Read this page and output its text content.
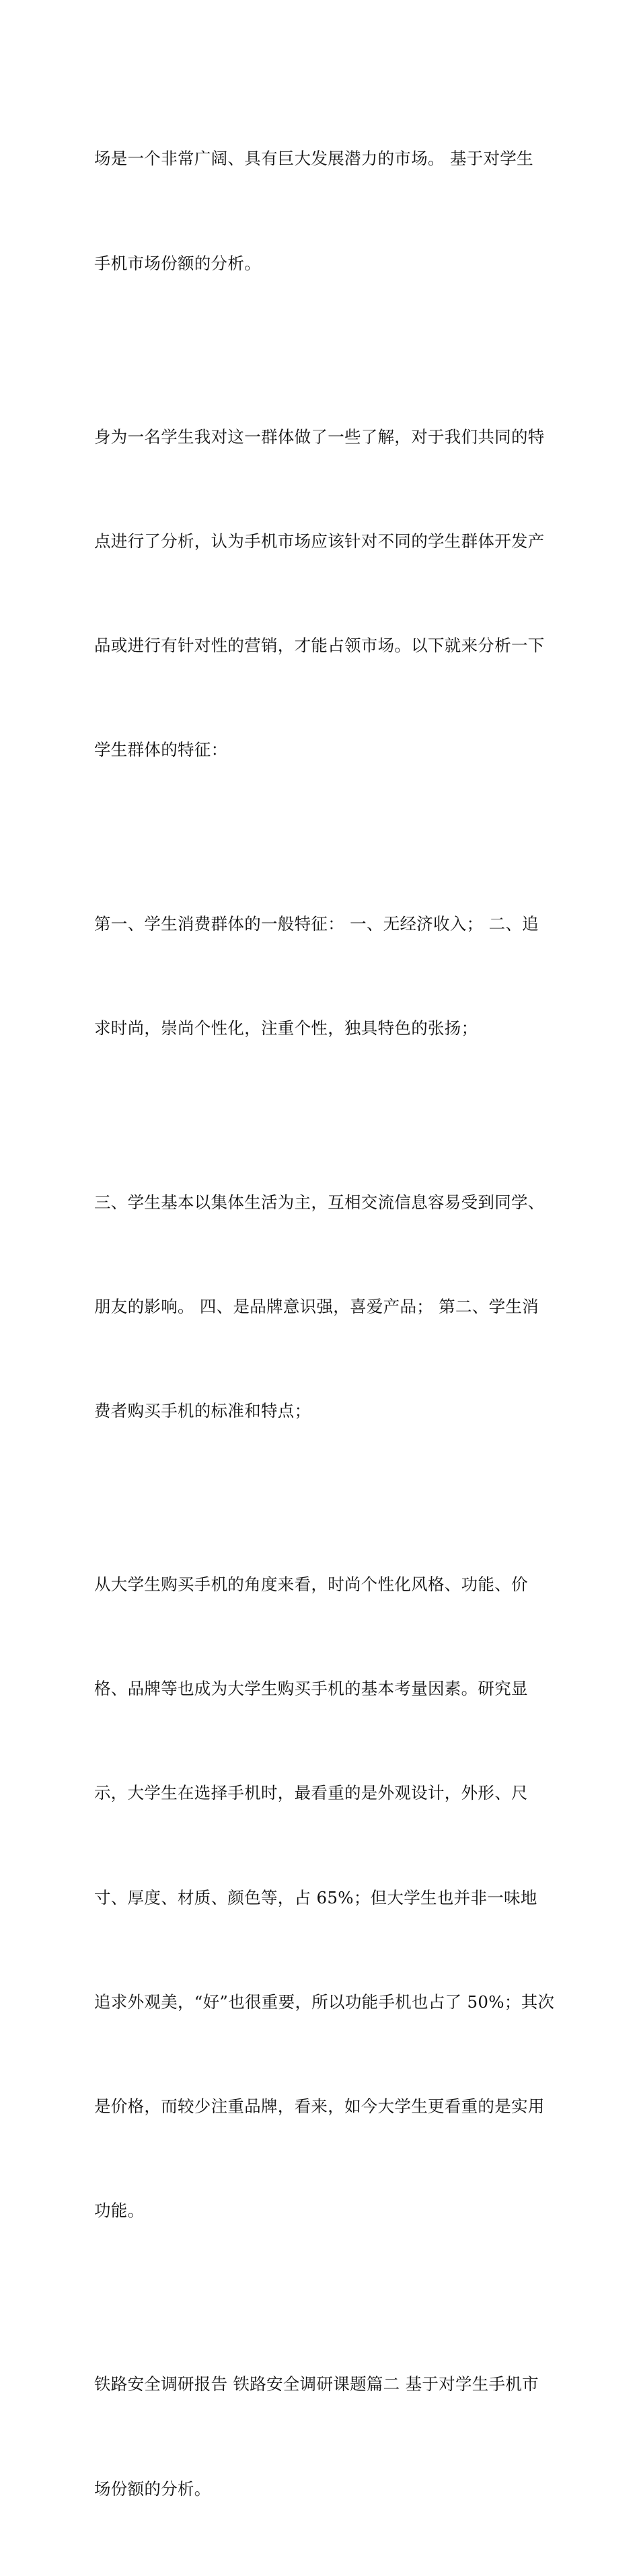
场是一个非常广阔、具有巨大发展潜力的市场。 基于对学生

手机市场份额的分析。

身为一名学生我对这一群体做了一些了解，对于我们共同的特

点进行了分析，认为手机市场应该针对不同的学生群体开发产

品或进行有针对性的营销，才能占领市场。以下就来分析一下

学生群体的特征：

第一、学生消费群体的一般特征： 一、无经济收入； 二、追

求时尚，崇尚个性化，注重个性，独具特色的张扬；

三、学生基本以集体生活为主，互相交流信息容易受到同学、

朋友的影响。 四、是品牌意识强，喜爱产品； 第二、学生消

费者购买手机的标准和特点；

从大学生购买手机的角度来看，时尚个性化风格、功能、价

格、品牌等也成为大学生购买手机的基本考量因素。研究显

示，大学生在选择手机时，最看重的是外观设计，外形、尺

寸、厚度、材质、颜色等，占 65%；但大学生也并非一味地

追求外观美，“好”也很重要，所以功能手机也占了 50%；其次

是价格，而较少注重品牌，看来，如今大学生更看重的是实用

功能。

铁路安全调研报告 铁路安全调研课题篇二 基于对学生手机市

场份额的分析。
